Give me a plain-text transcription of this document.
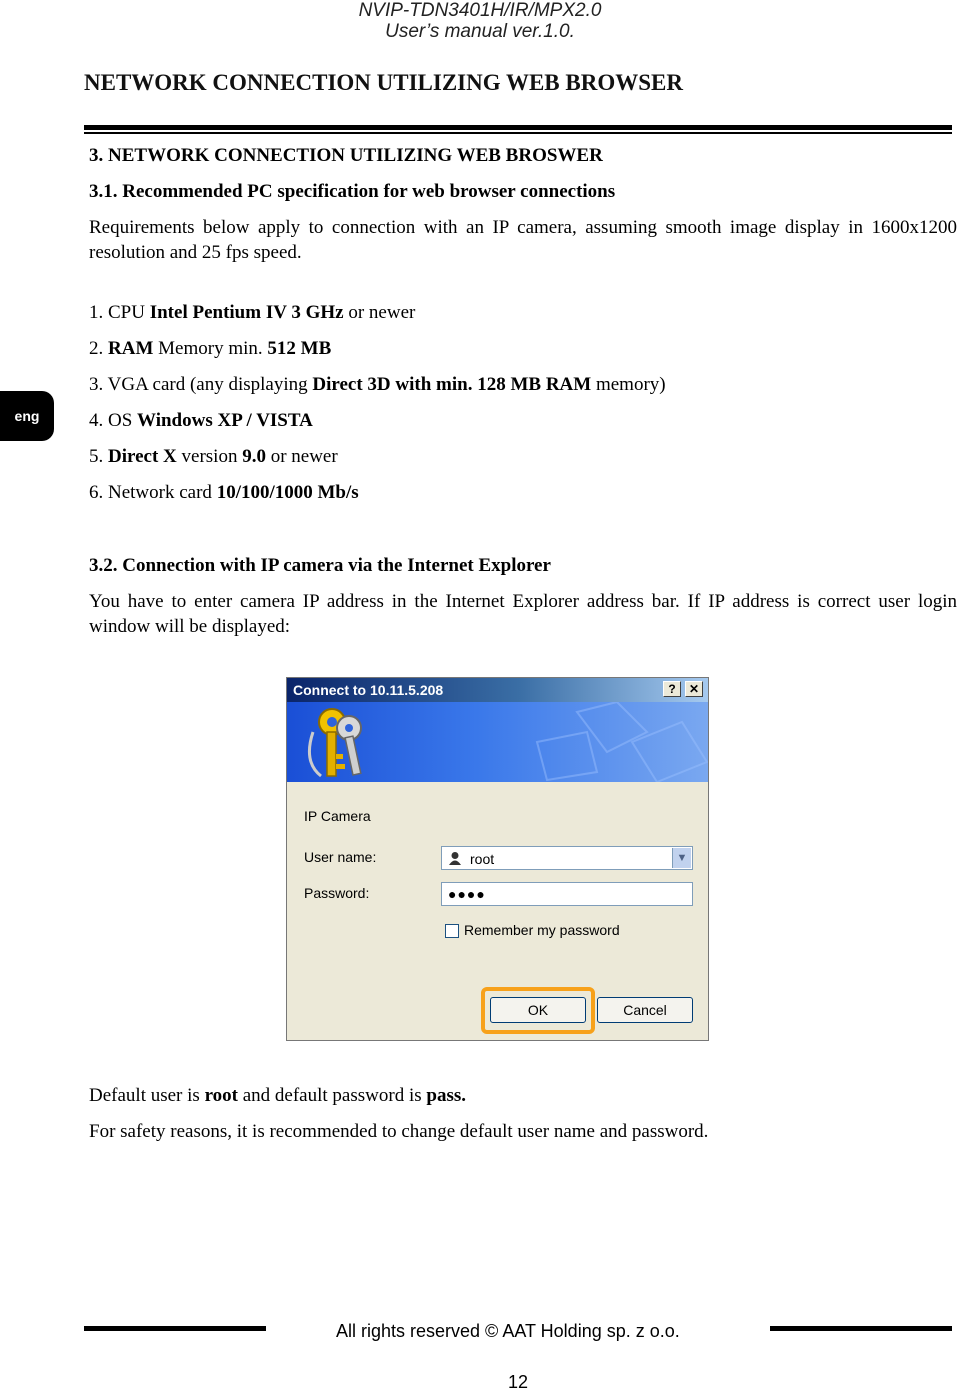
NVIP-TDN3401H/IR/MPX2.0
User’s manual ver.1.0.
NETWORK CONNECTION UTILIZING WEB BROWSER
eng
3. NETWORK CONNECTION UTILIZING WEB BROSWER
3.1. Recommended PC specification for web browser connections
Requirements below apply to connection with an IP camera, assuming smooth image display in 1600x1200 resolution and 25 fps speed.
1. CPU Intel Pentium IV 3 GHz or newer
2. RAM Memory min. 512 MB
3. VGA card (any displaying Direct 3D with min. 128 MB RAM memory)
4. OS Windows XP / VISTA
5. Direct X version 9.0 or newer
6. Network card 10/100/1000 Mb/s
3.2. Connection with IP camera via the Internet Explorer
You have to enter camera IP address in the Internet Explorer address bar. If IP address is correct user login window will be displayed:
Connect to 10.11.5.208	?	✕
IP Camera
User name:	root	▼
Password:	●●●●
Remember my password
OK	Cancel
Default user is root and default password is pass.
For safety reasons, it is recommended to change default user name and password.
All rights reserved © AAT Holding sp. z o.o.
12
